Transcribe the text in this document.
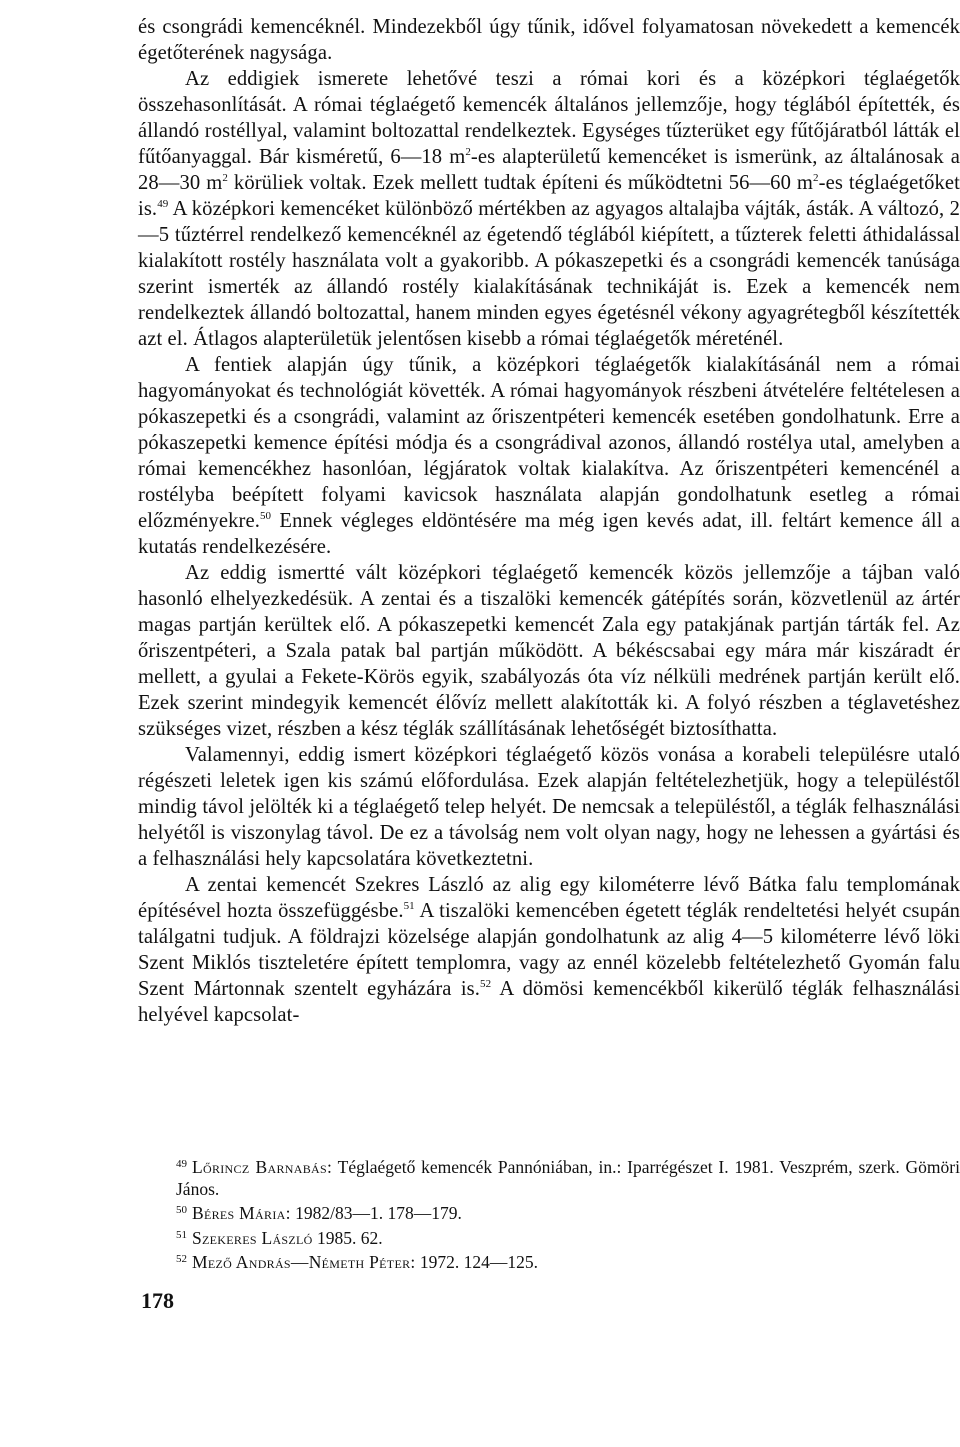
és csongrádi kemencéknél. Mindezekből úgy tűnik, idővel folyamatosan növekedett a kemencék égetőterének nagysága.

Az eddigiek ismerete lehetővé teszi a római kori és a középkori téglaégetők összehasonlítását. A római téglaégető kemencék általános jellemzője, hogy téglából építették, és állandó rostéllyal, valamint boltozattal rendelkeztek. Egységes tűzterüket egy fűtőjáratból látták el fűtőanyaggal. Bár kisméretű, 6—18 $m^2-es$ alapterületű kemencéket is ismerünk, az általánosak a 28—30 $m^2$ körüliek voltak. Ezek mellett tudtak építeni és működtetni 56—60 $m^2-es$ téglaégetőket is.$^{49}$ A középkori kemencéket különböző mértékben az agyagos altalajba vájták, ásták. A változó, 2—5 tűztérrel rendelkező kemencéknél az égetendő téglából kiépített, a tűzterek feletti áthidalással kialakított rostély használata volt a gyakoribb. A pókaszepetki és a csongrádi kemencék tanúsága szerint ismerték az állandó rostély kialakításának technikáját is. Ezek a kemencék nem rendelkeztek állandó boltozattal, hanem minden egyes égetésnél vékony agyagrétegből készítették azt el. Átlagos alapterületük jelentősen kisebb a római téglaégetők méreténél.

A fentiek alapján úgy tűnik, a középkori téglaégetők kialakításánál nem a római hagyományokat és technológiát követték. A római hagyományok részbeni átvételére feltételesen a pókaszepetki és a csongrádi, valamint az őriszentpéteri kemencék esetében gondolhatunk. Erre a pókaszepetki kemence építési módja és a csongrádival azonos, állandó rostélya utal, amelyben a római kemencékhez hasonlóan, légjáratok voltak kialakítva. Az őriszentpéteri kemencénél a rostélyba beépített folyami kavicsok használata alapján gondolhatunk esetleg a római előzményekre.$^{50}$ Ennek végleges eldöntésére ma még igen kevés adat, ill. feltárt kemence áll a kutatás rendelkezésére.

Az eddig ismertté vált középkori téglaégető kemencék közös jellemzője a tájban való hasonló elhelyezkedésük. A zentai és a tiszalöki kemencék gátépítés során, közvetlenül az ártér magas partján kerültek elő. A pókaszepetki kemencét Zala egy patakjának partján tárták fel. Az őriszentpéteri, a Szala patak bal partján működött. A békéscsabai egy mára már kiszáradt ér mellett, a gyulai a Fekete-Körös egyik, szabályozás óta víz nélküli medrének partján került elő. Ezek szerint mindegyik kemencét élővíz mellett alakították ki. A folyó részben a téglavetéshez szükséges vizet, részben a kész téglák szállításának lehetőségét biztosíthatta.

Valamennyi, eddig ismert középkori téglaégető közös vonása a korabeli településre utaló régészeti leletek igen kis számú előfordulása. Ezek alapján feltételezhetjük, hogy a településtől mindig távol jelölték ki a téglaégető telep helyét. De nemcsak a településtől, a téglák felhasználási helyétől is viszonylag távol. De ez a távolság nem volt olyan nagy, hogy ne lehessen a gyártási és a felhasználási hely kapcsolatára következtetni.

A zentai kemencét Szekres László az alig egy kilométerre lévő Bátka falu templomának építésével hozta összefüggésbe.$^{51}$ A tiszalöki kemencében égetett téglák rendeltetési helyét csupán találgatni tudjuk. A földrajzi közelsége alapján gondolhatunk az alig 4—5 kilométerre lévő löki Szent Miklós tiszteletére épített templomra, vagy az ennél közelebb feltételezhető Gyomán falu Szent Mártonnak szentelt egyházára is.$^{52}$ A dömösi kemencékből kikerülő téglák felhasználási helyével kapcsolat-

$^{49}$ Lőrincz Barnabás: Téglaégető kemencék Pannóniában, in.: Iparrégészet I. 1981. Veszprém, szerk. Gömöri János.
$^{50}$ Béres Mária: 1982/83—1. 178—179.
$^{51}$ Szekeres László 1985. 62.
$^{52}$ Mező András—Németh Péter: 1972. 124—125.
178
